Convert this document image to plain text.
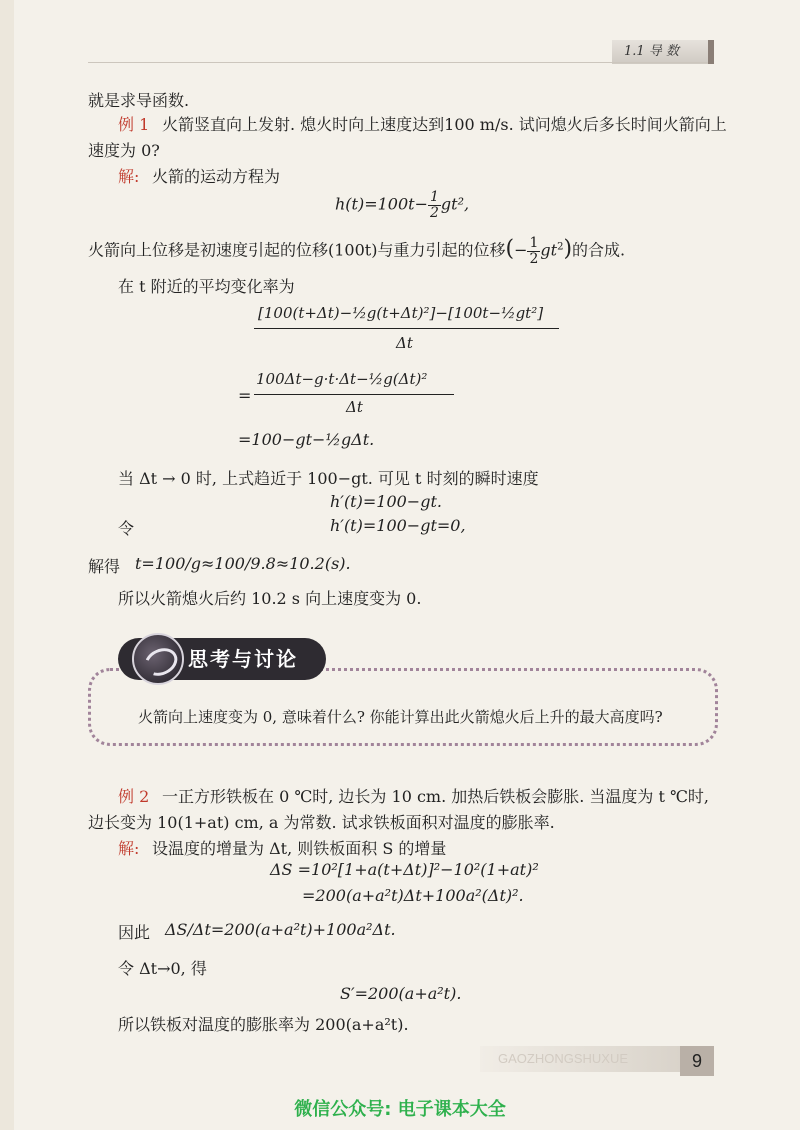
1.1 导 数
就是求导函数.
例 1 火箭竖直向上发射. 熄火时向上速度达到100 m/s. 试问熄火后多长时间火箭向上
速度为 0?
解: 火箭的运动方程为
$h(t)=100t- \frac{1}{2} gt^2$,
火箭向上位移是初速度引起的位移(100t)与重力引起的位移(− $\frac{1}{2} gt^2$)的合成.
在 t 附近的平均变化率为
[100(t+Δt)−½g(t+Δt)²]−[100t−½gt²]
Δt
=
100Δt−g·t·Δt−½g(Δt)²
Δt
=100−gt−½gΔt.
当 Δt → 0 时, 上式趋近于 100−gt. 可见 t 时刻的瞬时速度
h′(t)=100−gt.
令	h′(t)=100−gt=0,
解得 t=100/g≈100/9.8≈10.2(s).
所以火箭熄火后约 10.2 s 向上速度变为 0.
思考与讨论
火箭向上速度变为 0, 意味着什么? 你能计算出此火箭熄火后上升的最大高度吗?
例 2 一正方形铁板在 0 ℃时, 边长为 10 cm. 加热后铁板会膨胀. 当温度为 t ℃时,
边长变为 10(1+at) cm, a 为常数. 试求铁板面积对温度的膨胀率.
解: 设温度的增量为 Δt, 则铁板面积 S 的增量
ΔS =10²[1+a(t+Δt)]²−10²(1+at)²
=200(a+a²t)Δt+100a²(Δt)².
因此 ΔS/Δt=200(a+a²t)+100a²Δt.
令 Δt→0, 得
S′=200(a+a²t).
所以铁板对温度的膨胀率为 200(a+a²t).
GAOZHONGSHUXUE	9
微信公众号: 电子课本大全
